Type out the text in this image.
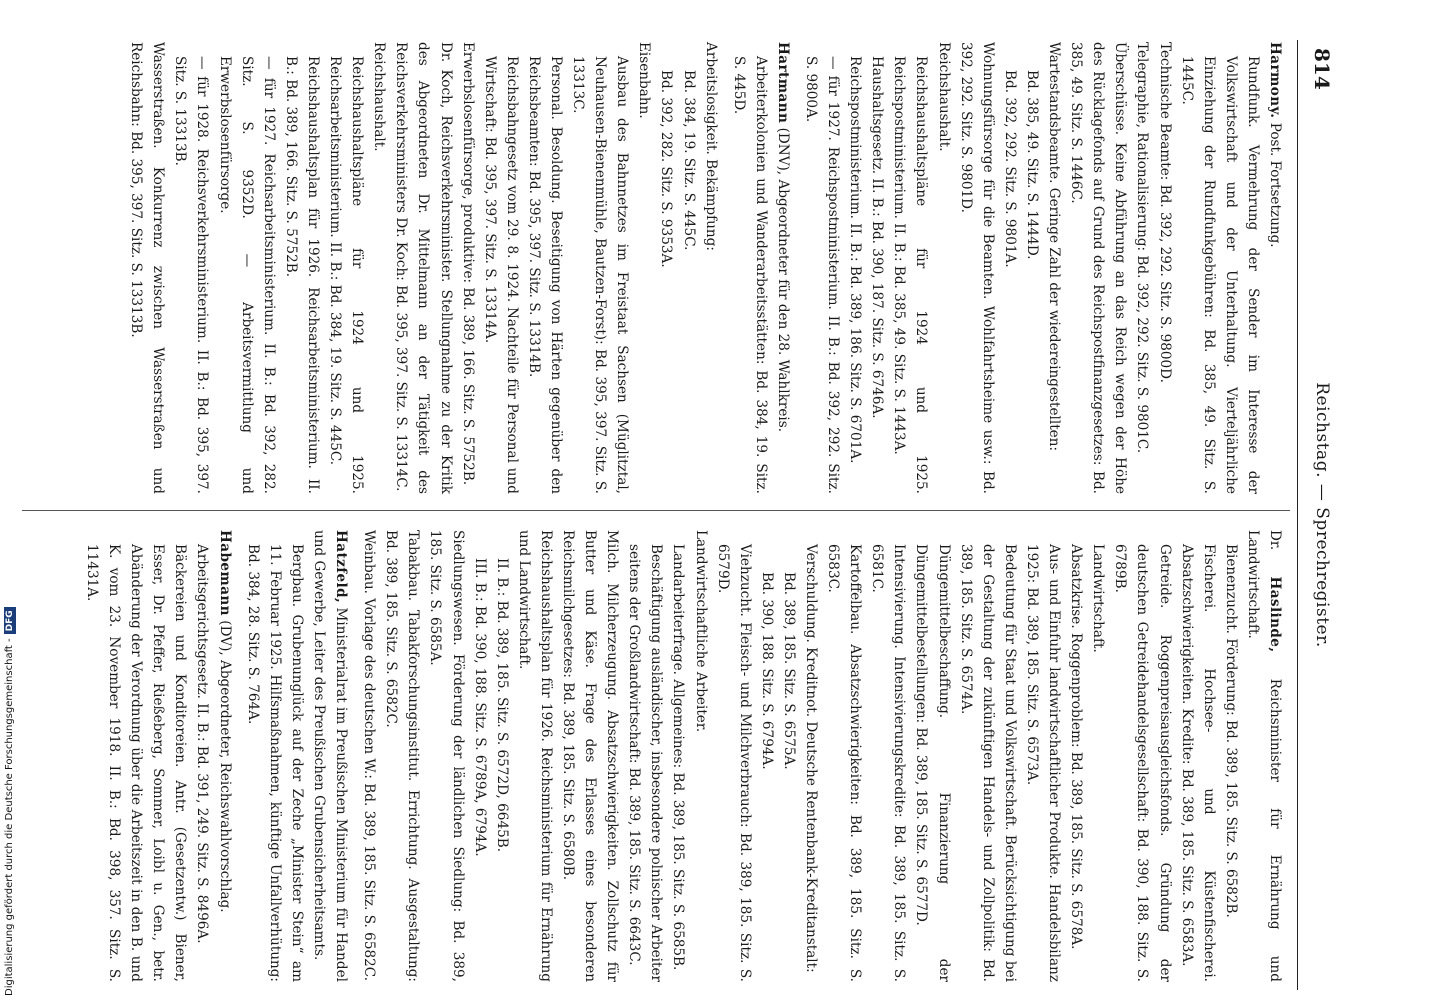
814
Reichstag. — Sprechregister.
Harmony. Post. Fortsetzung.
Rundfunk. Vermehrung der Sender im Interesse der Volkswirtschaft und der Unterhaltung. Vierteljährliche Einziehung der Rundfunkgebühren: Bd. 385, 49. Sitz. S. 1445C.
Technische Beamte: Bd. 392, 292. Sitz. S. 9800D.
Telegraphie, Rationalisierung: Bd. 392, 292. Sitz. S. 9801C.
Überschüsse. Keine Abführung an das Reich wegen der Höhe des Rücklagefonds auf Grund des Reichspostfinanzgesetzes: Bd. 385, 49. Sitz. S. 1446C.
Wartestandsbeamte. Geringe Zahl der wiedereingestellten:
Bd. 385, 49. Sitz. S. 1444D.
Bd. 392, 292. Sitz. S. 9801A.
Wohnungsfürsorge für die Beamten. Wohlfahrtsheime usw.: Bd. 392, 292. Sitz. S. 9801D.
Reichshaushalt.
Reichshaushaltspläne für 1924 und 1925. Reichspostministerium. II. B.: Bd. 385, 49. Sitz. S. 1443A.
Haushaltsgesetz. II. B.: Bd. 390, 187. Sitz. S. 6746A.
Reichspostministerium. II. B.: Bd. 389, 186. Sitz. S. 6701A.
— für 1927. Reichspostministerium. II. B.: Bd. 392, 292. Sitz. S. 9800A.

Hartmann (DNV), Abgeordneter für den 28. Wahlkreis.
Arbeiterkolonien und Wanderarbeitsstätten: Bd. 384, 19. Sitz. S. 445D.

Arbeitslosigkeit. Bekämpfung:
Bd. 384, 19. Sitz. S. 445C.
Bd. 392, 282. Sitz. S. 9353A.
Eisenbahn.
Ausbau des Bahnnetzes im Freistaat Sachsen (Müglitztal, Neuhausen-Bienenmühle, Bautzen-Forst): Bd. 395, 397. Sitz. S. 13313C.
Personal. Besoldung. Beseitigung von Härten gegenüber den Reichsbeamten: Bd. 395, 397. Sitz. S. 13314B.
Reichsbahngesetz vom 29. 8. 1924. Nachteile für Personal und Wirtschaft: Bd. 395, 397. Sitz. S. 13314A.
Erwerbslosenfürsorge, produktive: Bd. 389, 166. Sitz. S. 5752B.
Dr. Koch, Reichsverkehrsminister. Stellungnahme zu der Kritik des Abgeordneten Dr. Mittelmann an der Tätigkeit des Reichsverkehrsministers Dr. Koch: Bd. 395, 397. Sitz. S. 13314C.
Reichshaushalt.
Reichshaushaltspläne für 1924 und 1925. Reichsarbeitsministerium. II. B.: Bd. 384, 19. Sitz. S. 445C.
Reichshaushaltsplan für 1926. Reichsarbeitsministerium. II. B.: Bd. 389, 166. Sitz. S. 5752B.
— für 1927. Reichsarbeitsministerium. II. B.: Bd. 392, 282. Sitz. S. 9352D. — Arbeitsvermittlung und Erwerbslosenfürsorge.
— für 1928. Reichsverkehrsministerium. II. B.: Bd. 395, 397. Sitz. S. 13313B.
Wasserstraßen. Konkurrenz zwischen Wasserstraßen und Reichsbahn: Bd. 395, 397. Sitz. S. 13313B.
Dr. Haslinde, Reichsminister für Ernährung und Landwirtschaft.
Bienenzucht. Förderung: Bd. 389, 185. Sitz. S. 6582B.
Fischerei. Hochsee- und Küstenfischerei. Absatzschwierigkeiten. Kredite: Bd. 389, 185. Sitz. S. 6583A.
Getreide. Roggenpreisausgleichsfonds. Gründung der deutschen Getreidehandelsgesellschaft: Bd. 390, 188. Sitz. S. 6789B.
Landwirtschaft.
Absatzkrise. Roggenproblem: Bd. 389, 185. Sitz. S. 6578A.
Aus- und Einfuhr landwirtschaftlicher Produkte. Handelsbilanz 1925: Bd. 389, 185. Sitz. S. 6573A.
Bedeutung für Staat und Volkswirtschaft. Berücksichtigung bei der Gestaltung der zukünftigen Handels- und Zollpolitik: Bd. 389, 185. Sitz. S. 6574A.
Düngemittelbeschaffung. Finanzierung der Düngemittelbestellungen: Bd. 389, 185. Sitz. S. 6577D.
Intensivierung. Intensivierungskredite: Bd. 389, 185. Sitz. S. 6581C.
Kartoffelbau. Absatzschwierigkeiten: Bd. 389, 185. Sitz. S. 6583C.
Verschuldung. Kreditnot. Deutsche Rentenbank-Kreditanstalt:
Bd. 389, 185. Sitz. S. 6575A.
Bd. 390, 188. Sitz. S. 6794A.
Viehzucht. Fleisch- und Milchverbrauch: Bd. 389, 185. Sitz. S. 6579D.
Landwirtschaftliche Arbeiter.
Landarbeiterfrage. Allgemeines: Bd. 389, 185. Sitz. S. 6585B.
Beschäftigung ausländischer, insbesondere polnischer Arbeiter seitens der Großlandwirtschaft: Bd. 389, 185. Sitz. S. 6643C.
Milch. Milcherzeugung. Absatzschwierigkeiten. Zollschutz für Butter und Käse. Frage des Erlasses eines besonderen Reichsmilchgesetzes: Bd. 389, 185. Sitz. S. 6580B.
Reichshaushaltsplan für 1926. Reichsministerium für Ernährung und Landwirtschaft.
II. B.: Bd. 389, 185. Sitz. S. 6572D, 6645B.
III. B.: Bd. 390, 188. Sitz. S. 6789A, 6794A.
Siedlungswesen. Förderung der ländlichen Siedlung: Bd. 389, 185. Sitz. S. 6585A.
Tabakbau. Tabakforschungsinstitut. Errichtung. Ausgestaltung: Bd. 389, 185. Sitz. S. 6582C.
Weinbau. Vorlage des deutschen W.: Bd. 389, 185. Sitz. S. 6582C.

Hatzfeld, Ministerialrat im Preußischen Ministerium für Handel und Gewerbe, Leiter des Preußischen Grubensicherheitsamts.
Bergbau. Grubenunglück auf der Zeche „Minister Stein“ am 11. Februar 1925. Hilfsmaßnahmen, künftige Unfallverhütung: Bd. 384, 28. Sitz. S. 764A.

Habemann (DV), Abgeordneter, Reichswahlvorschlag.
Arbeitsgerichtsgesetz. II. B.: Bd. 391, 249. Sitz. S. 8496A.
Bäckereien und Konditoreien. Antr. (Gesetzentw.) Biener, Esser, Dr. Pfeffer, Rießeberg, Sommer, Loibl u. Gen., betr. Abänderung der Verordnung über die Arbeitszeit in den B. und K. vom 23. November 1918. II. B.: Bd. 398, 357. Sitz. S. 11431A.
Digitalisierung gefördert durch die Deutsche Forschungsgemeinschaft -DFG
